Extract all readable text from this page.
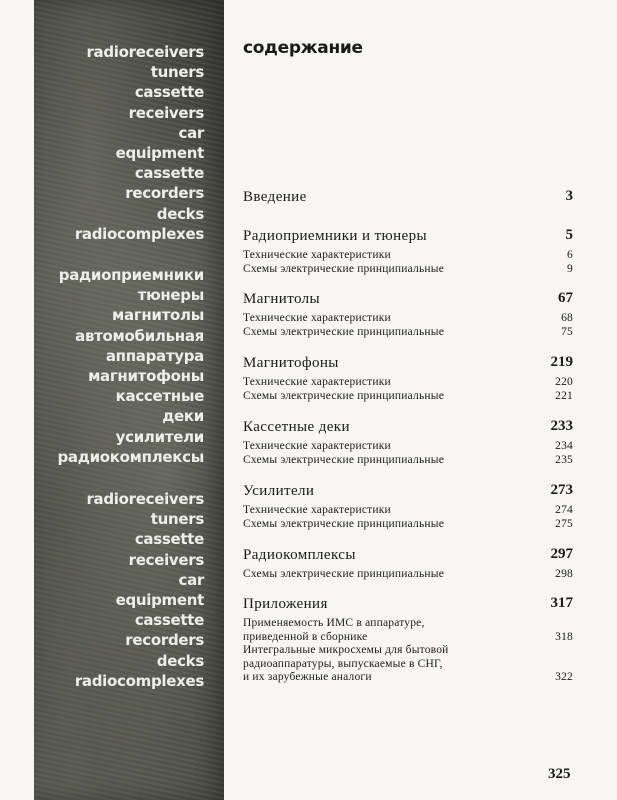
radioreceivers
tuners
cassette
receivers
car
equipment
cassette
recorders
decks
radiocomplexes
радиоприемники
тюнеры
магнитолы
автомобильная
аппаратура
магнитофоны
кассетные
деки
усилители
радиокомплексы
radioreceivers
tuners
cassette
receivers
car
equipment
cassette
recorders
decks
radiocomplexes
содержание
Введение	3
Радиоприемники и тюнеры	5
Технические характеристики	6
Схемы электрические принципиальные	9
Магнитолы	67
Технические характеристики	68
Схемы электрические принципиальные	75
Магнитофоны	219
Технические характеристики	220
Схемы электрические принципиальные	221
Кассетные деки	233
Технические характеристики	234
Схемы электрические принципиальные	235
Усилители	273
Технические характеристики	274
Схемы электрические принципиальные	275
Радиокомплексы	297
Схемы электрические принципиальные	298
Приложения	317
Применяемость ИМС в аппаратуре,
приведенной в сборнике	318
Интегральные микросхемы для бытовой
радиоаппаратуры, выпускаемые в СНГ,
и их зарубежные аналоги	322
325
